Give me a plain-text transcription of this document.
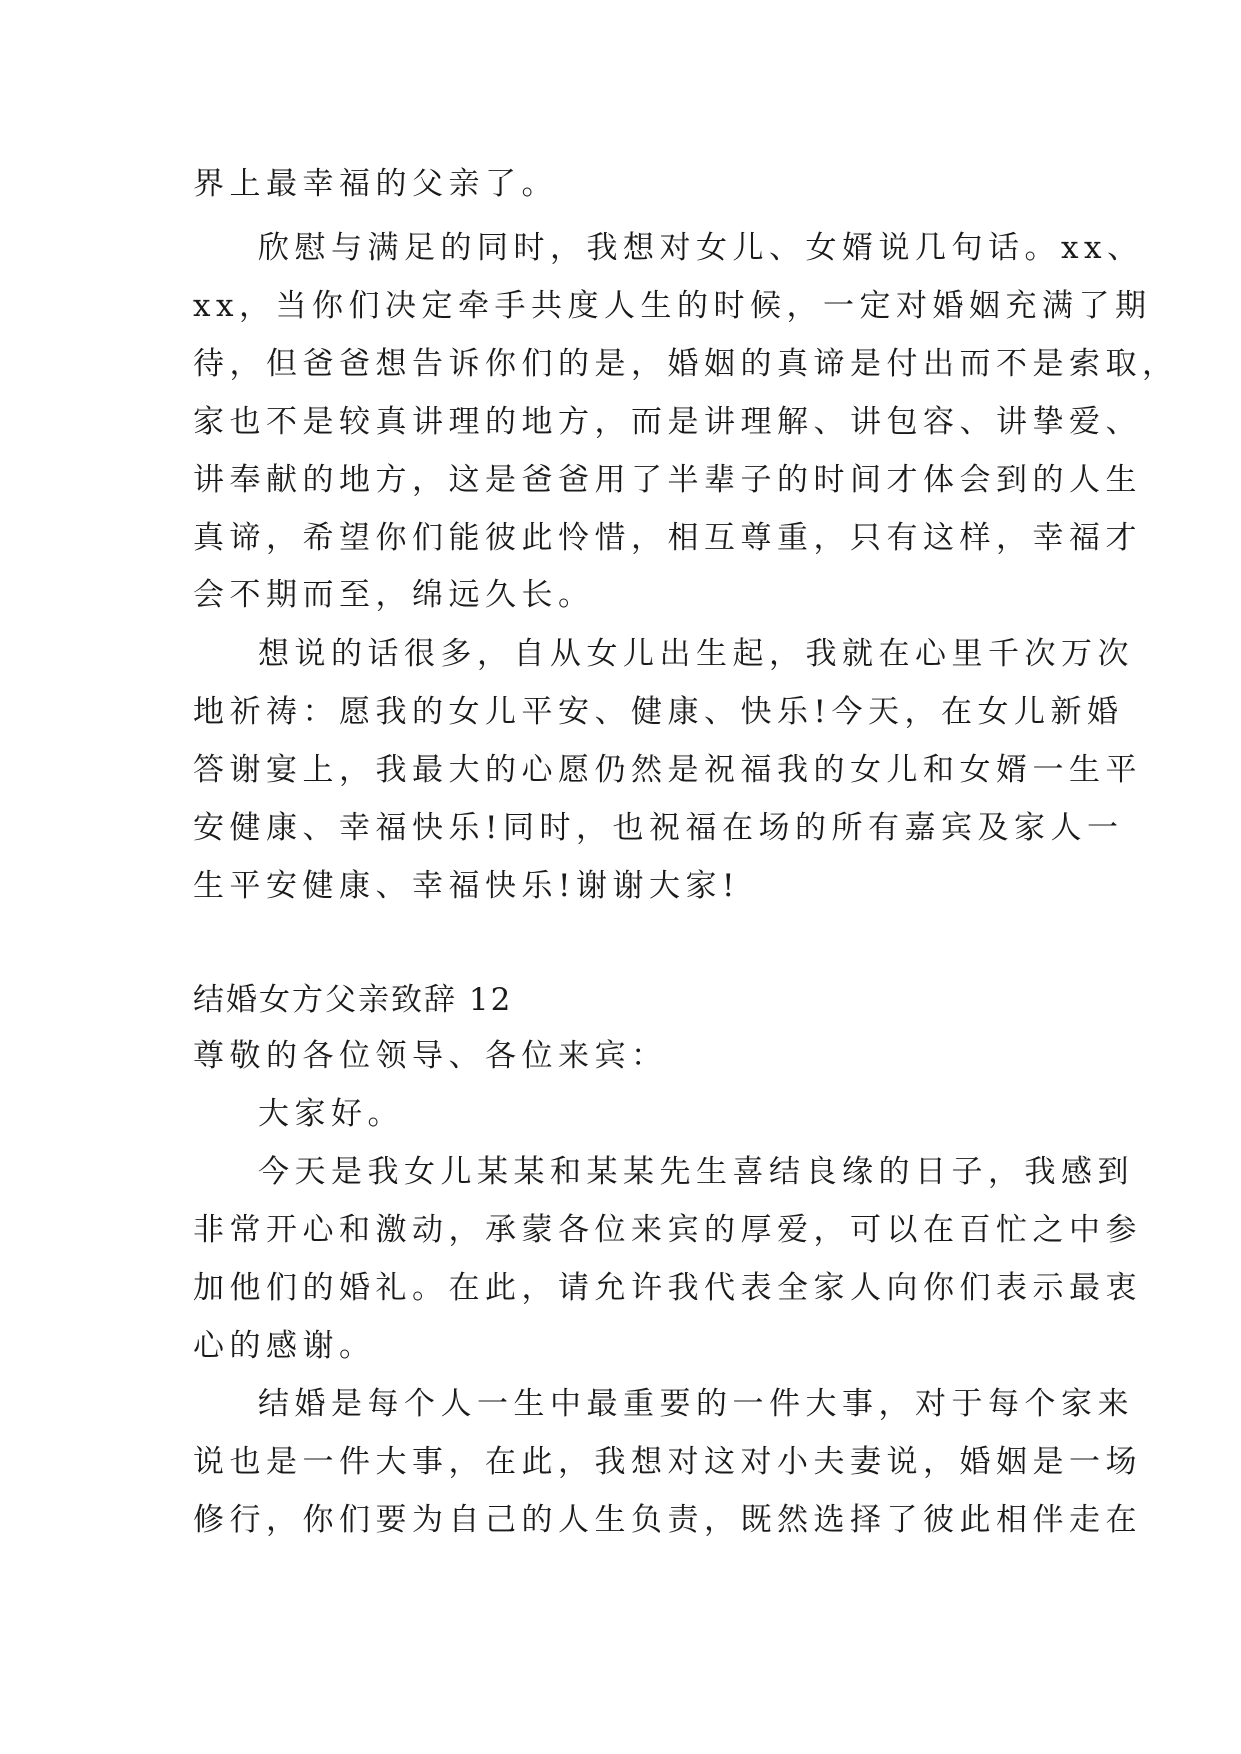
界上最幸福的父亲了。
欣慰与满足的同时，我想对女儿、女婿说几句话。xx、
xx，当你们决定牵手共度人生的时候，一定对婚姻充满了期
待，但爸爸想告诉你们的是，婚姻的真谛是付出而不是索取，
家也不是较真讲理的地方，而是讲理解、讲包容、讲挚爱、
讲奉献的地方，这是爸爸用了半辈子的时间才体会到的人生
真谛，希望你们能彼此怜惜，相互尊重，只有这样，幸福才
会不期而至，绵远久长。
想说的话很多，自从女儿出生起，我就在心里千次万次
地祈祷：愿我的女儿平安、健康、快乐!今天，在女儿新婚
答谢宴上，我最大的心愿仍然是祝福我的女儿和女婿一生平
安健康、幸福快乐!同时，也祝福在场的所有嘉宾及家人一
生平安健康、幸福快乐!谢谢大家!
结婚女方父亲致辞 12
尊敬的各位领导、各位来宾：
大家好。
今天是我女儿某某和某某先生喜结良缘的日子，我感到
非常开心和激动，承蒙各位来宾的厚爱，可以在百忙之中参
加他们的婚礼。在此，请允许我代表全家人向你们表示最衷
心的感谢。
结婚是每个人一生中最重要的一件大事，对于每个家来
说也是一件大事，在此，我想对这对小夫妻说，婚姻是一场
修行，你们要为自己的人生负责，既然选择了彼此相伴走在
